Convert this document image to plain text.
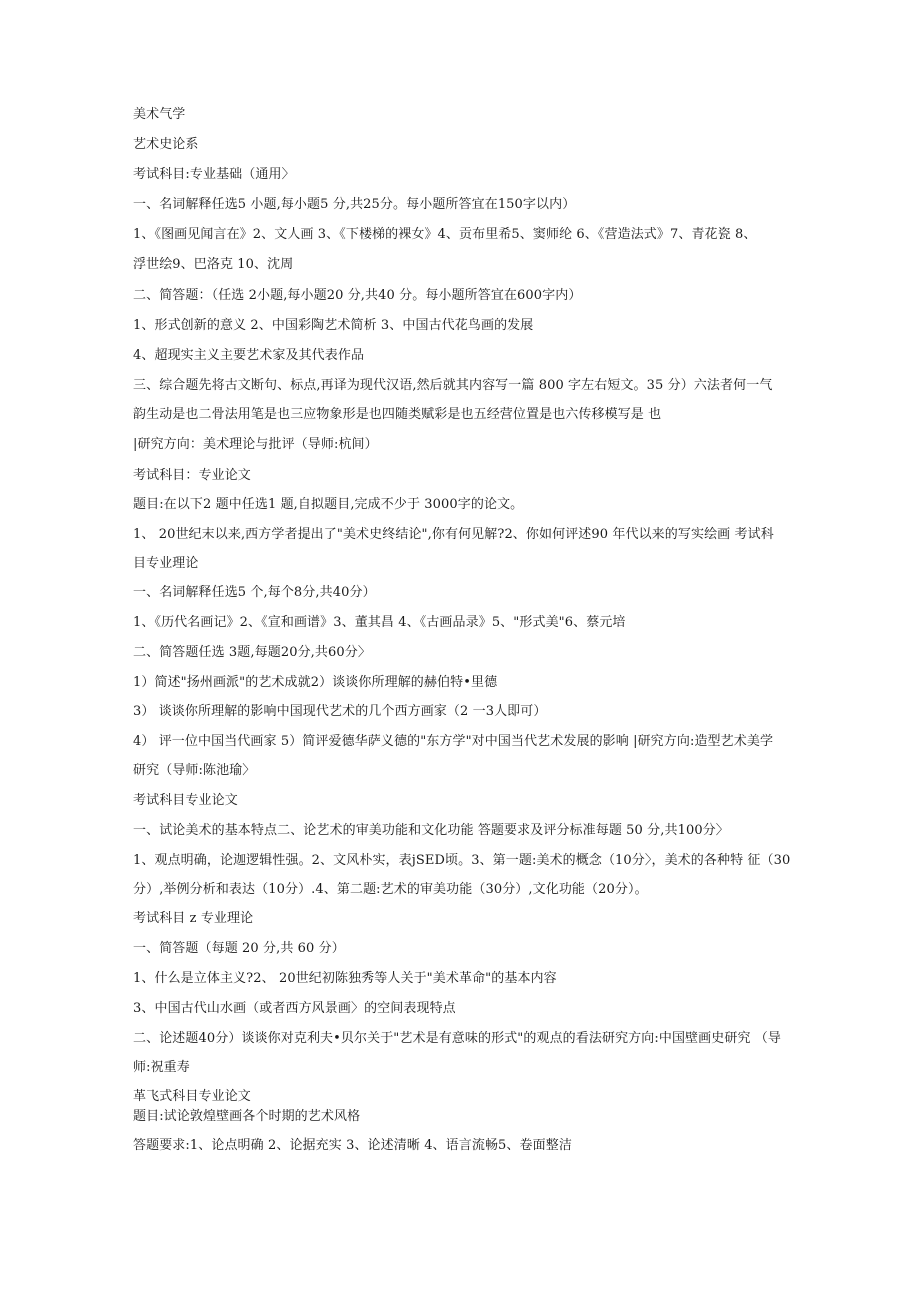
美术气学
艺术史论系
考试科目:专业基础（通用〉
一、名词解释任选5 小题,每小题5 分,共25分。每小题所答宜在150字以内）
1、《图画见闻言在》2、文人画 3、《下楼梯的裸女》4、贡布里希5、窦师纶 6、《营造法式》7、青花瓷 8、
浮世绘9、巴洛克 10、沈周
二、简答题：（任选 2小题,每小题20 分,共40 分。每小题所答宜在600字内）
1、形式创新的意义 2、中国彩陶艺术简析 3、中国古代花鸟画的发展
4、超现实主义主要艺术家及其代表作品
三、综合题先将古文断句、标点,再译为现代汉语,然后就其内容写一篇 800 字左右短文。35 分）六法者何一气
韵生动是也二骨法用笔是也三应物象形是也四随类赋彩是也五经营位置是也六传移模写是 也
|研究方向：美术理论与批评（导师:杭间）
考试科目：专业论文
题目:在以下2 题中任选1 题,自拟题目,完成不少于 3000字的论文。
1、 20世纪末以来,西方学者提出了"美术史终结论",你有何见解?2、你如何评述90 年代以来的写实绘画 考试科
目专业理论
一、名词解释任选5 个,每个8分,共40分）
1、《历代名画记》2、《宣和画谱》3、董其昌 4、《古画品录》5、"形式美"6、蔡元培
二、简答题任选 3题,每题20分,共60分〉
1）简述"扬州画派"的艺术成就2）谈谈你所理解的赫伯特•里德
3） 谈谈你所理解的影响中国现代艺术的几个西方画家（2 一3人即可）
4） 评一位中国当代画家 5）简评爱德华萨义德的"东方学"对中国当代艺术发展的影响 |研究方向:造型艺术美学
研究（导师:陈池瑜〉
考试科目专业论文
一、试论美术的基本特点二、论艺术的审美功能和文化功能 答题要求及评分标准每题 50 分,共100分〉
1、观点明确，论迦逻辑性强。2、文风朴实，表jSED顷。3、第一题:美术的概念（10分〉，美术的各种特 征（30
分）,举例分析和表达（10分）.4、第二题:艺术的审美功能（30分）,文化功能（20分）。
考试科目 z 专业理论
一、简答题（每题 20 分,共 60 分）
1、什么是立体主义?2、 20世纪初陈独秀等人关于"美术革命"的基本内容
3、中国古代山水画（或者西方风景画〉的空间表现特点
二、论述题40分）谈谈你对克利夫•贝尔关于"艺术是有意味的形式"的观点的看法研究方向:中国壁画史研究 （导
师:祝重寿
革飞式科目专业论文
题目:试论敦煌壁画各个时期的艺术风格
答题要求:1、论点明确 2、论据充实 3、论述清晰 4、语言流畅5、卷面整洁
